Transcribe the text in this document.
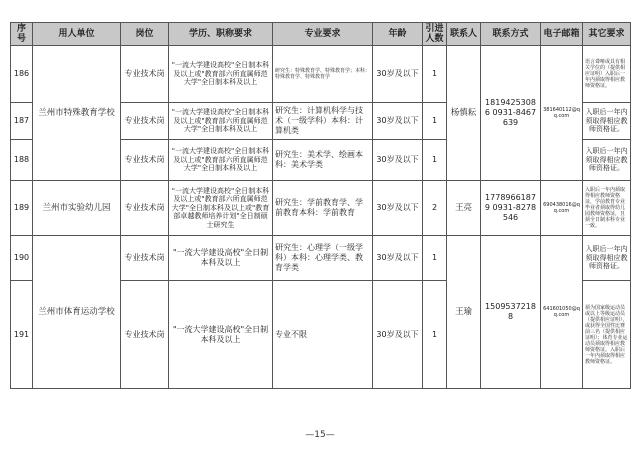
序号	用人单位	岗位	学历、职称要求	专业要求	年龄	引进人数	联系人	联系方式	电子邮箱	其它要求
186	兰州市特殊教育学校	专业技术岗	"一流大学建设高校"全日制本科及以上或"教育部六所直属师范大学"全日制本科及以上	研究生：特殊教育学、特殊教育学；本科：特殊教育学、特殊教育学	30岁及以下	1	杨慎耘	18194253086 0931-8467639	381640112@qq.com	语言聋哑或具有相关学位的（提供相应证明）入职后一年内须取得相应教师资格证。
187		专业技术岗	"一流大学建设高校"全日制本科及以上或"教育部六所直属师范大学"全日制本科及以上	研究生：计算机科学与技术（一级学科）本科：计算机类	30岁及以下	1				入职后一年内须取得相应教师资格证。
188		专业技术岗	"一流大学建设高校"全日制本科及以上或"教育部六所直属师范大学"全日制本科及以上	研究生：美术学、绘画本科：美术学类	30岁及以下	1				入职后一年内须取得相应教师资格证。
189	兰州市实验幼儿园	专业技术岗	"一流大学建设高校"全日制本科及以上或"教育部六所直属师范大学"全日制本科及以上或"教育部卓越教师培养计划"全日制硕士研究生	研究生：学前教育学、学前教育本科：学前教育	30岁及以下	2	王亮	17789661879 0931-8278546	690438016@qq.com	入职后一年内须取得相应教师资格证，学前教育专业毕业者须取得幼儿园教师资格证，且须全日制本科专业一致。
190	兰州市体育运动学校	专业技术岗	"一流大学建设高校"全日制本科及以上	研究生：心理学（一级学科）本科：心理学类、教育学类	30岁及以下	1	王瑜	15095372188	641601050@qq.com	入职后一年内须取得相应教师资格证。
191		专业技术岗	"一流大学建设高校"全日制本科及以上	专业不限	30岁及以下	1				须为国家级运动员或以上等级运动员（提供相应证明），或获得全国性比赛前三名（提供相应证明）；体育专业运动员须取得相应教师资格证。入职后一年内须取得相应教师资格证。
—15—
